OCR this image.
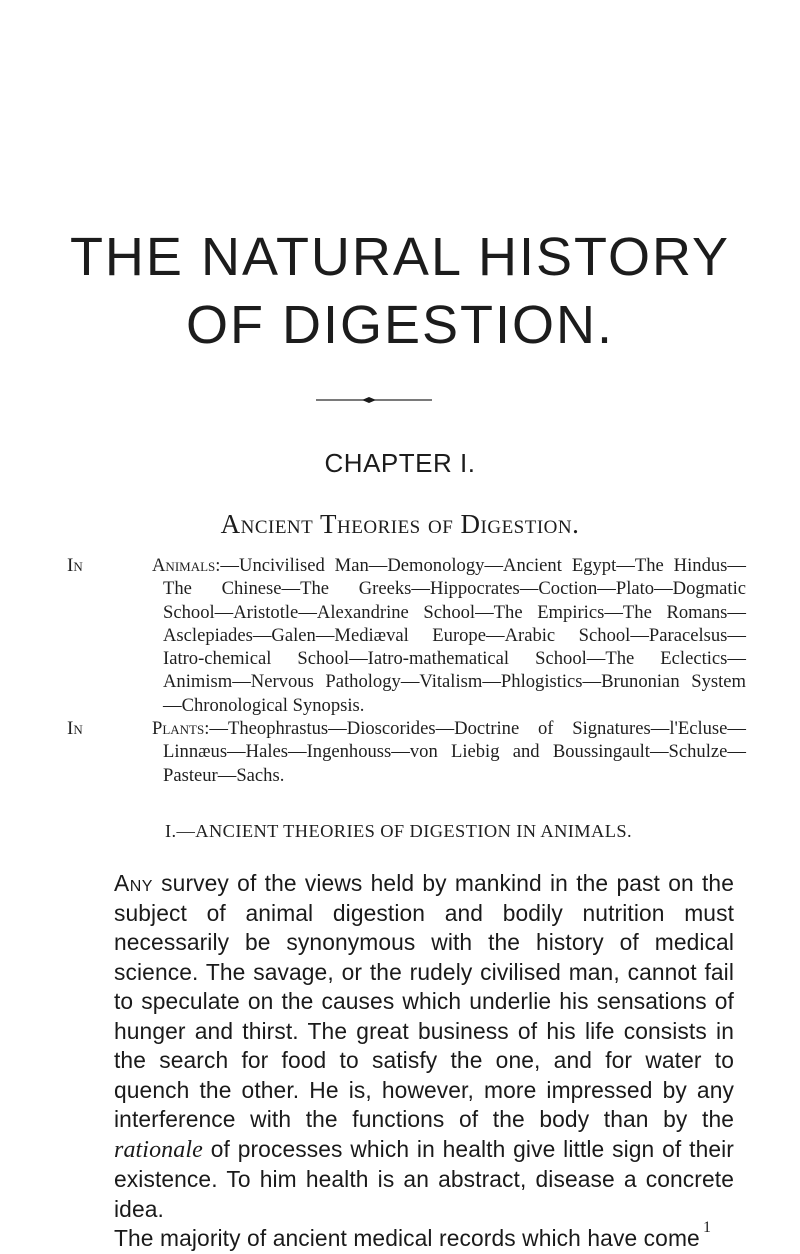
THE NATURAL HISTORY
OF DIGESTION.
CHAPTER I.
Ancient Theories of Digestion.
In	Animals:—Uncivilised Man—Demonology—Ancient Egypt—The Hindus—The Chinese—The Greeks—Hippocrates—Coction—Plato—Dogmatic School—Aristotle—Alexandrine School—The Empirics—The Romans—Asclepiades—Galen—Mediæval Europe—Arabic School—Paracelsus—Iatro-chemical School—Iatro-mathematical School—The Eclectics—Animism—Nervous Pathology—Vitalism—Phlogistics—Brunonian System—Chronological Synopsis.
In	Plants:—Theophrastus—Dioscorides—Doctrine of Signatures—l'Ecluse—Linnæus—Hales—Ingenhouss—von Liebig and Boussingault—Schulze—Pasteur—Sachs.
I.—ANCIENT THEORIES OF DIGESTION IN ANIMALS.

Any survey of the views held by mankind in the past on the subject of animal digestion and bodily nutrition must necessarily be synonymous with the history of medical science. The savage, or the rudely civilised man, cannot fail to speculate on the causes which underlie his sensations of hunger and thirst. The great business of his life consists in the search for food to satisfy the one, and for water to quench the other. He is, however, more impressed by any interference with the functions of the body than by the rationale of processes which in health give little sign of their existence. To him health is an abstract, disease a concrete idea.

The majority of ancient medical records which have come 1
